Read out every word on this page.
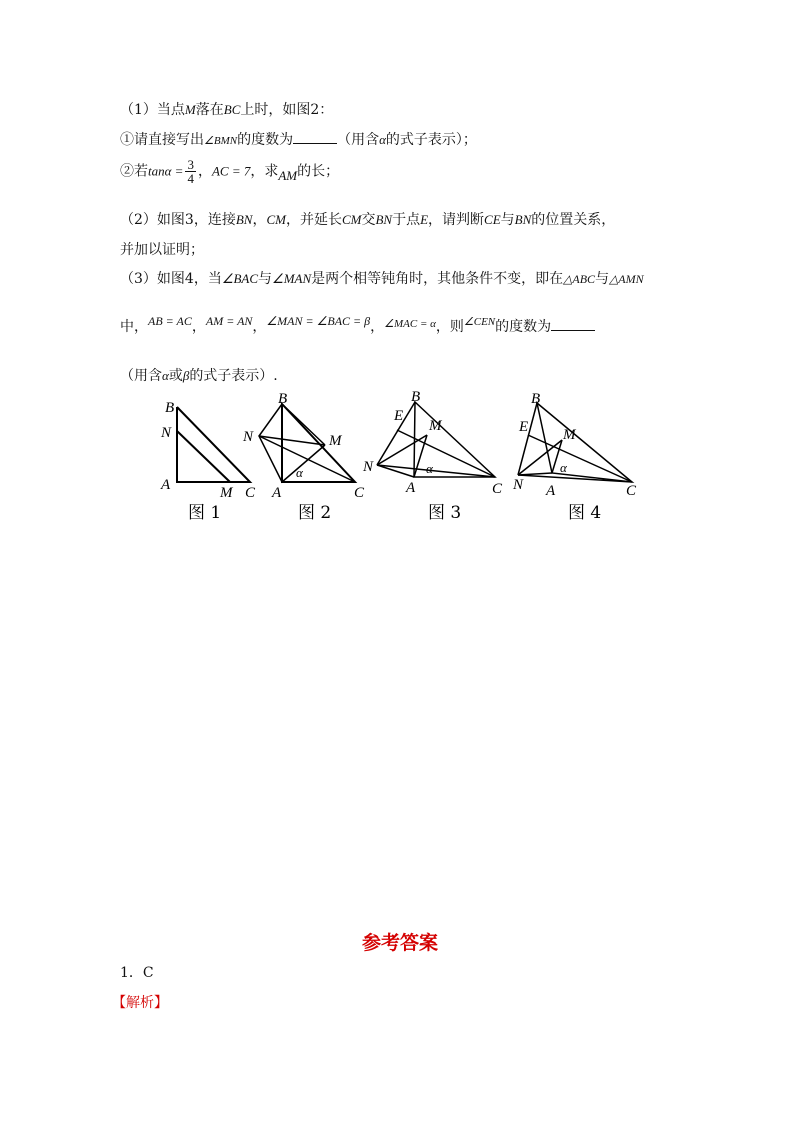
（1）当点M落在BC上时，如图2：
①请直接写出∠BMN的度数为	（用含α的式子表示）；
②若$\tan\alpha = \frac{3}{4}$ ，AC = 7，求AM的长；
（2）如图3，连接BN，CM，并延长CM交BN于点E，请判断CE与BN的位置关系，
并加以证明；
（3）如图4，当∠BAC与∠MAN是两个相等钝角时，其他条件不变，即在△ABC与△AMN
中，AB = AC，AM = AN，∠MAN = ∠BAC = β，$^{\angle MAC = \alpha}$，则$^{\angle CEN}$的度数为
（用含α或β的式子表示）.
B
N
A	M C
图 1
B
N	M
A	C
α
图 2
B
E
M
N
A	C
α
图 3
B
E M
N A	C
α
图 4
参考答案
1．C
【解析】
